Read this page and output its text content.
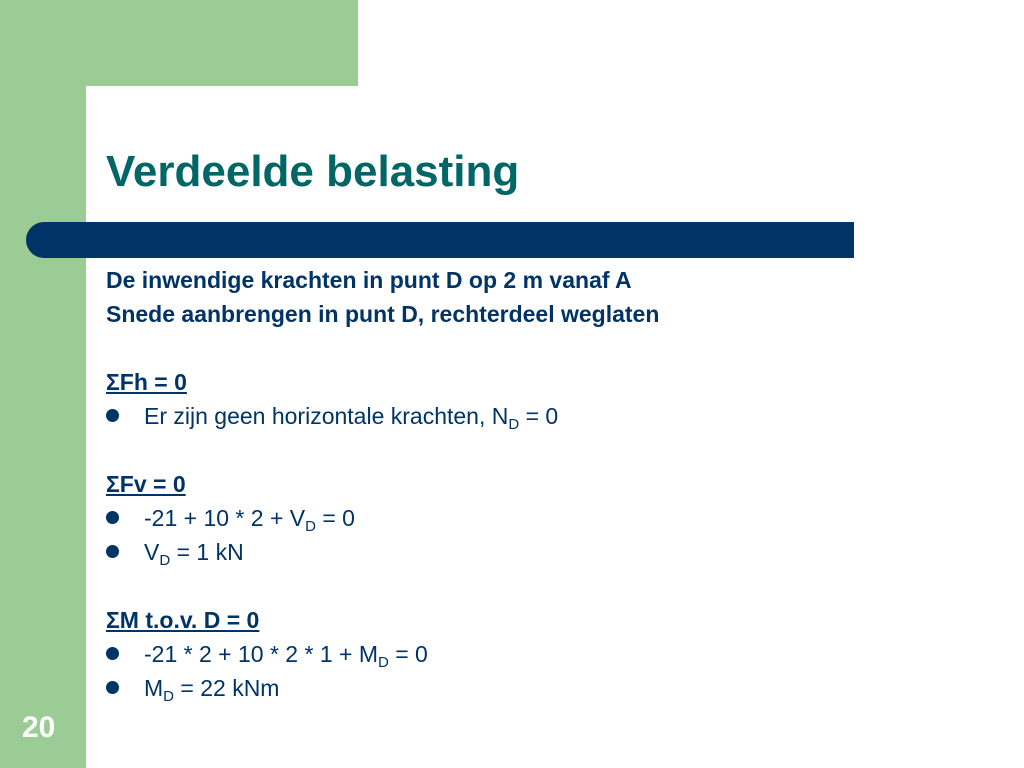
Verdeelde belasting
De inwendige krachten in punt D op 2 m vanaf A
Snede aanbrengen in punt D, rechterdeel weglaten
ΣFh = 0
Er zijn geen horizontale krachten, $N_D = 0$
ΣFv = 0
$-21 + 10 * 2 + V_D = 0$
$V_D = 1$ kN
ΣM t.o.v. D = 0
$-21 * 2 + 10 * 2 * 1 + M_D = 0$
$M_D = 22$ kNm
20
